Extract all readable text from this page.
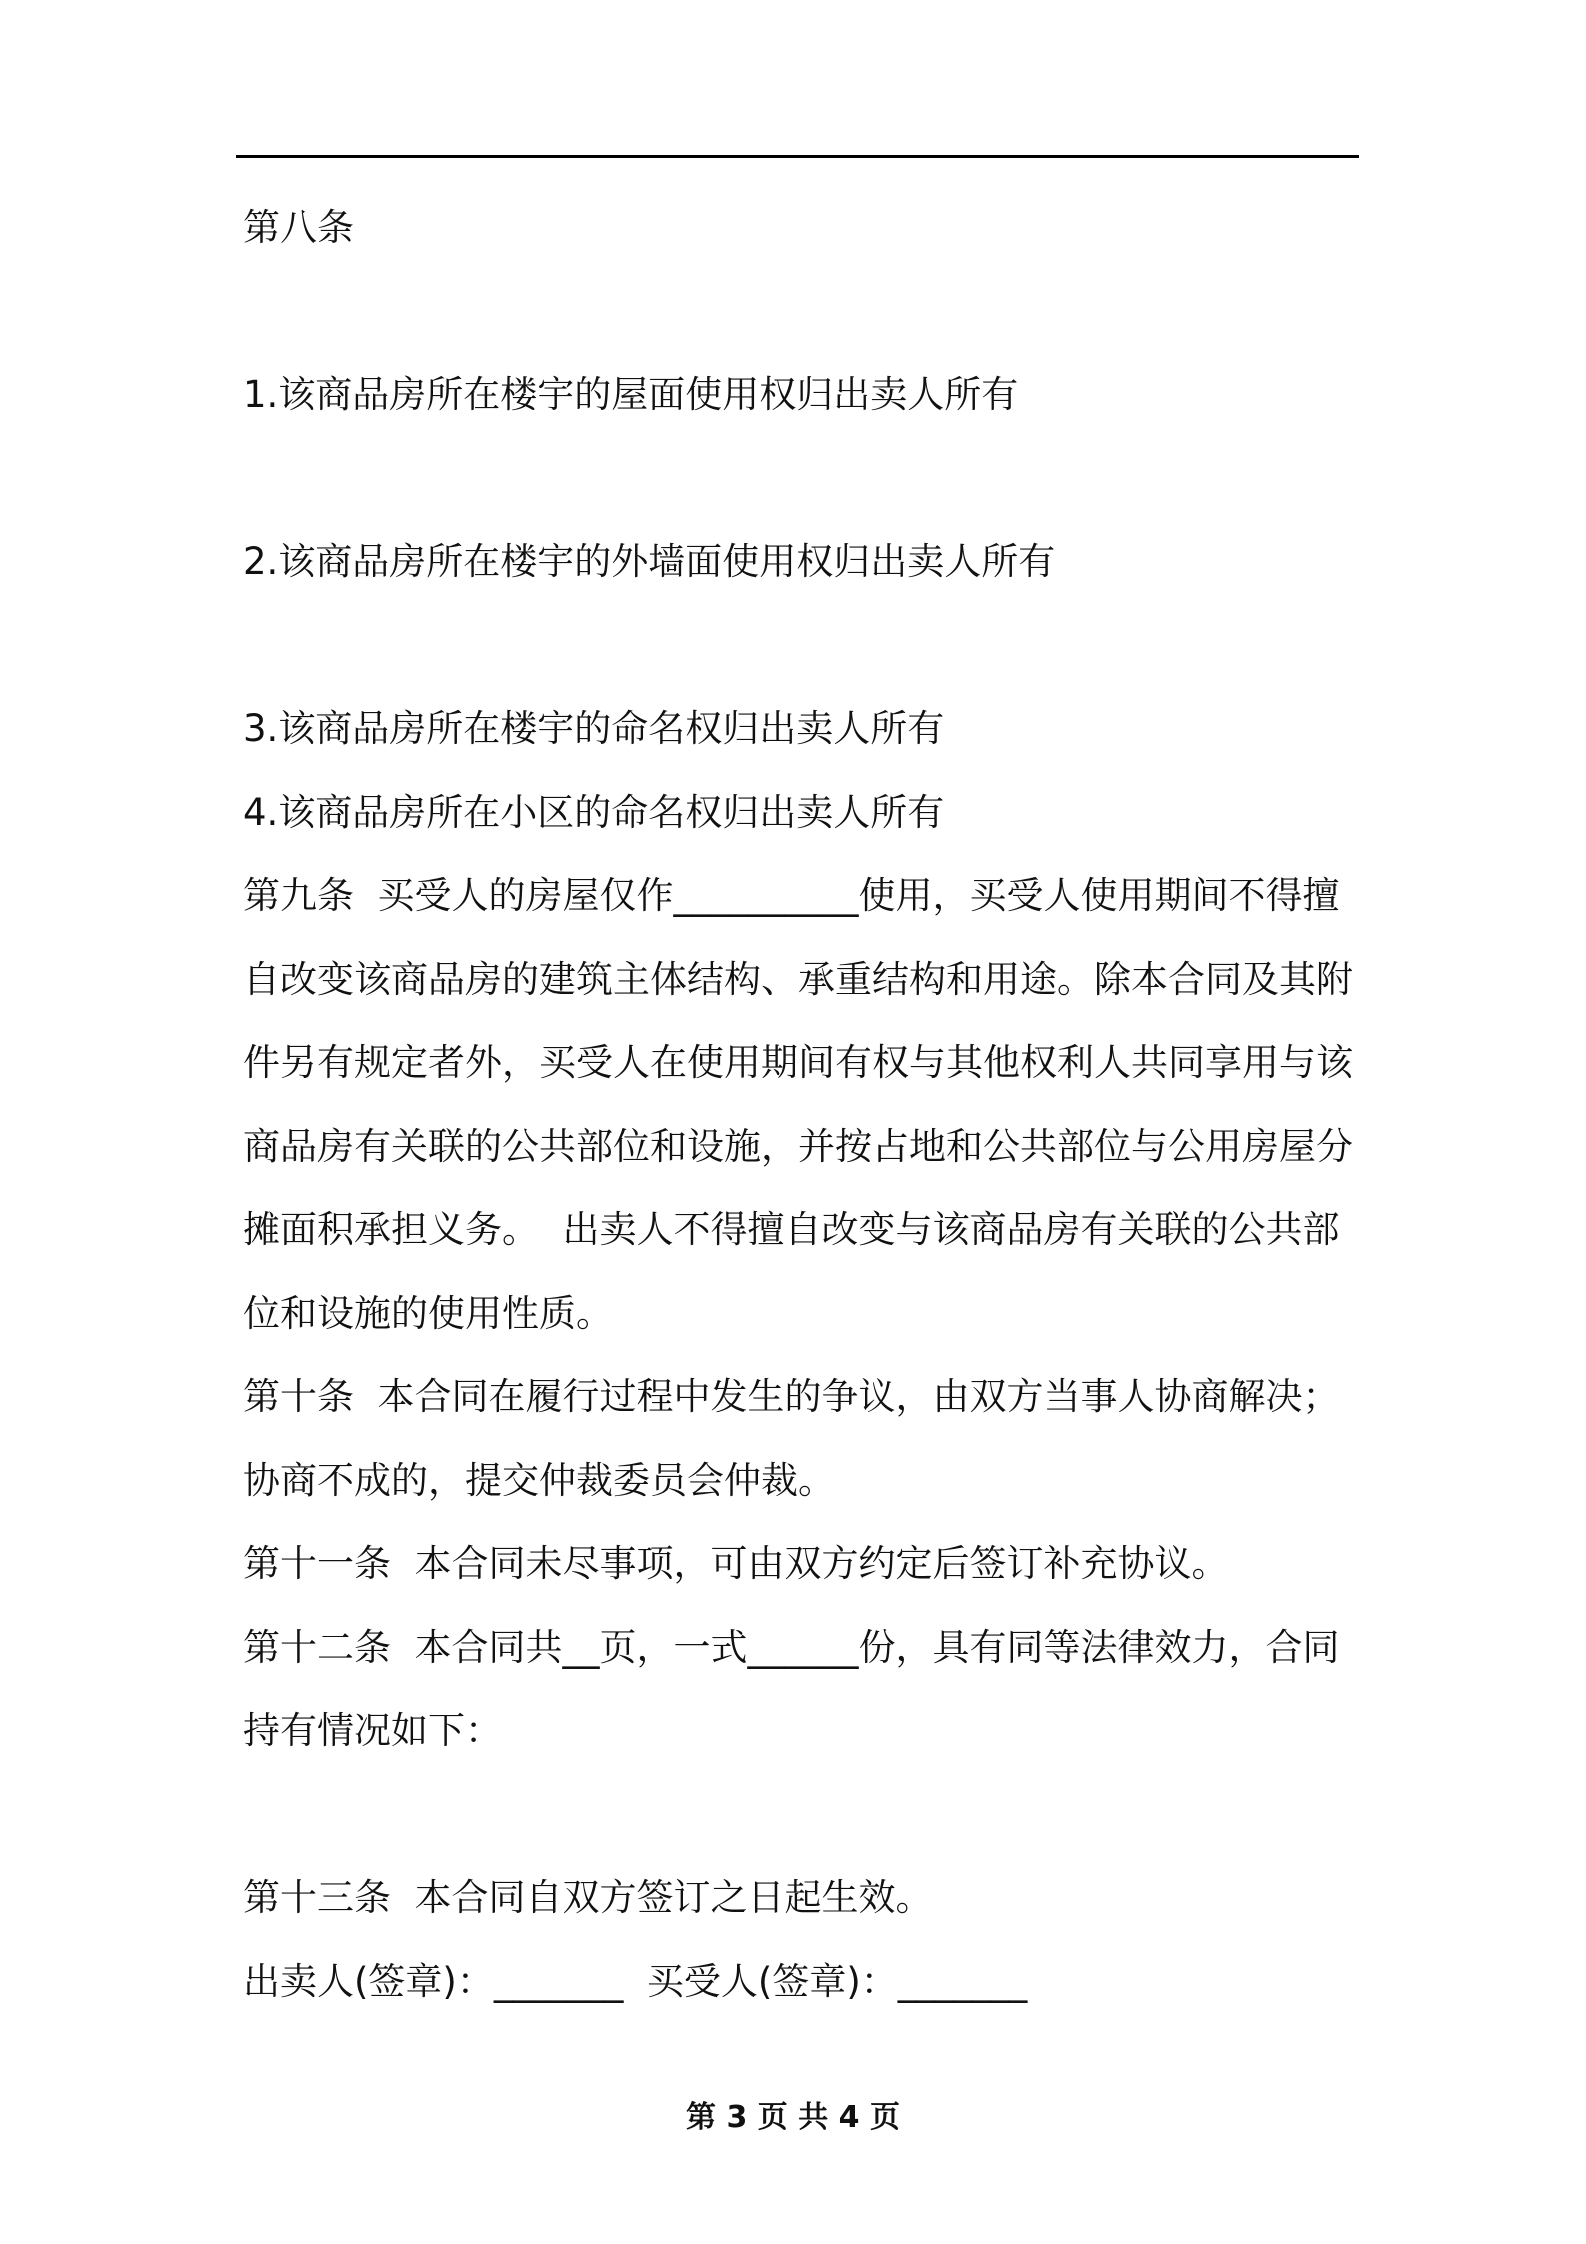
第八条
1.该商品房所在楼宇的屋面使用权归出卖人所有
2.该商品房所在楼宇的外墙面使用权归出卖人所有
3.该商品房所在楼宇的命名权归出卖人所有
4.该商品房所在小区的命名权归出卖人所有
第九条  买受人的房屋仅作__________使用，买受人使用期间不得擅
自改变该商品房的建筑主体结构、承重结构和用途。除本合同及其附
件另有规定者外，买受人在使用期间有权与其他权利人共同享用与该
商品房有关联的公共部位和设施，并按占地和公共部位与公用房屋分
摊面积承担义务。  出卖人不得擅自改变与该商品房有关联的公共部
位和设施的使用性质。
第十条  本合同在履行过程中发生的争议，由双方当事人协商解决；
协商不成的，提交仲裁委员会仲裁。
第十一条  本合同未尽事项，可由双方约定后签订补充协议。
第十二条  本合同共__页，一式______份，具有同等法律效力，合同
持有情况如下：
第十三条  本合同自双方签订之日起生效。
出卖人(签章)：_______  买受人(签章)：_______
第 3 页 共 4 页
